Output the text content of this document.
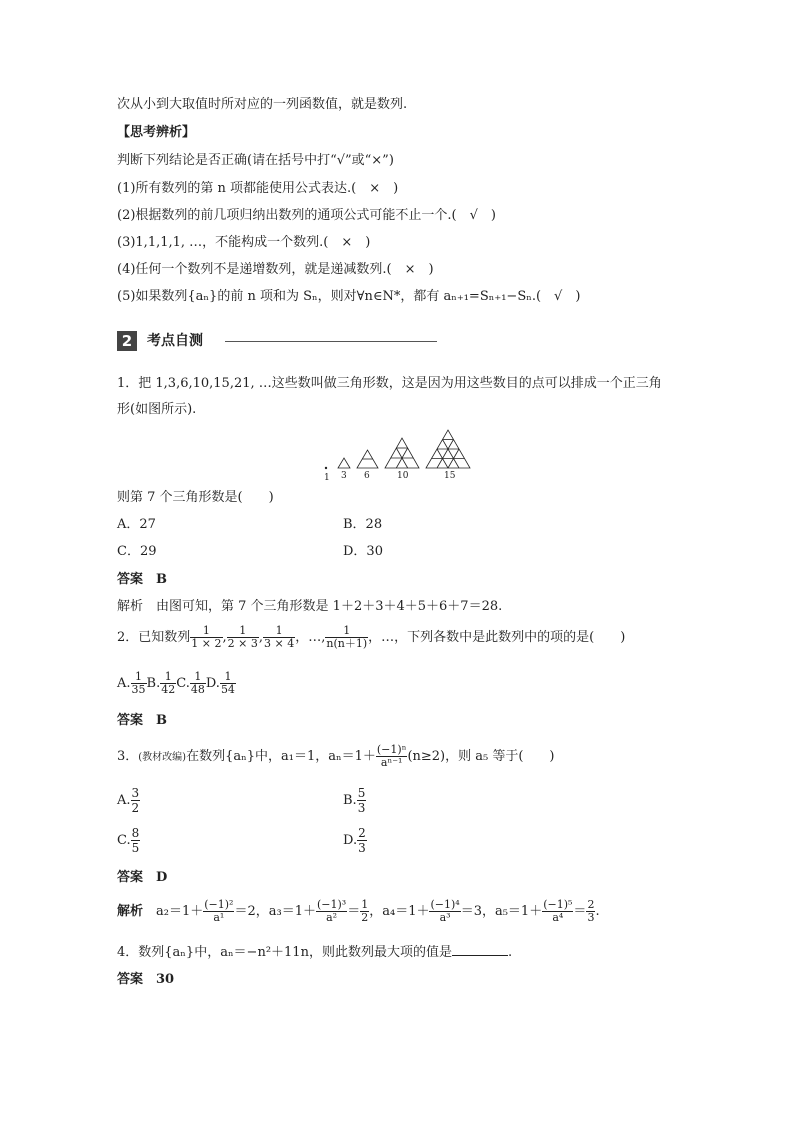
次从小到大取值时所对应的一列函数值，就是数列.
【思考辨析】
判断下列结论是否正确(请在括号中打“√”或“×”)
(1)所有数列的第 n 项都能使用公式表达.(　×　)
(2)根据数列的前几项归纳出数列的通项公式可能不止一个.(　√　)
(3)1,1,1,1, …，不能构成一个数列.(　×　)
(4)任何一个数列不是递增数列，就是递减数列.(　×　)
(5)如果数列{aₙ}的前 n 项和为 Sₙ，则对∀n∈N*，都有 aₙ₊₁=Sₙ₊₁−Sₙ.(　√　)
2	考点自测
1．把 1,3,6,10,15,21, …这些数叫做三角形数，这是因为用这些数目的点可以排成一个正三角
形(如图所示).
1 3 6	10	15
则第 7 个三角形数是(　　)
A．27	B．28
C．29	D．30
答案　B
解析　由图可知，第 7 个三角形数是 1＋2＋3＋4＋5＋6＋7＝28.
2．已知数列 $\frac{1}{1 \times 2}$ , $\frac{1}{2 \times 3}$ , $\frac{1}{3 \times 4}$ ，…, $\frac{1}{n(n+1)}$ ，…，下列各数中是此数列中的项的是(　　)
A. $\frac{1}{35} B$. $\frac{1}{42} C$. $\frac{1}{48} D$. $\frac{1}{54}$
答案　B
3．(教材改编)在数列{aₙ}中，a₁＝1，$a_n=1+ \frac{\text{(−1)ⁿ}}{\text{aⁿ⁻¹}} (n\ge 2)$，则 a₅ 等于(　　)
A. $\frac{3}{2}$	B. $\frac{5}{3}$
C. $\frac{8}{5}$	D. $\frac{2}{3}$
答案　D
解析　$a_2=1+ \frac{\text{(−1)²}}{\text{a¹}} =2$，$a_3=1+ \frac{\text{(−1)³}}{\text{a²}} = \frac{1}{2}$ ，$a_4=1+ \frac{\text{(−1)⁴}}{\text{a³}} =3$，$a_5=1+ \frac{\text{(−1)⁵}}{\text{a⁴}} = \frac{2}{3}$ .
4．数列{aₙ}中，aₙ＝−n²＋11n，则此数列最大项的值是	.
答案　30
